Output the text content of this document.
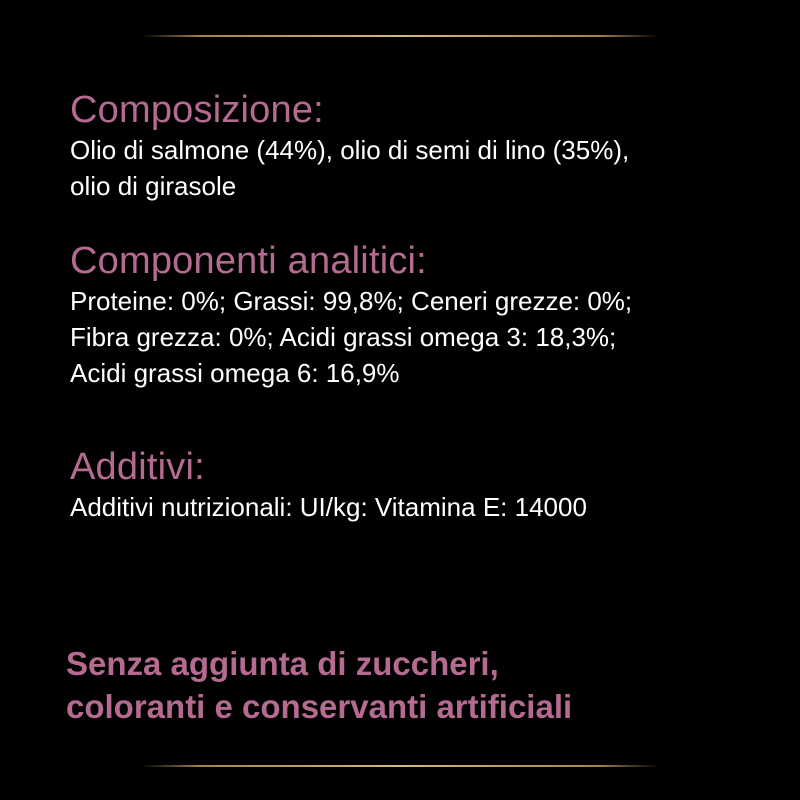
Composizione:

Olio di salmone (44%), olio di semi di lino (35%),
olio di girasole

Componenti analitici:

Proteine: 0%; Grassi: 99,8%; Ceneri grezze: 0%;
Fibra grezza: 0%; Acidi grassi omega 3: 18,3%;
Acidi grassi omega 6: 16,9%

Additivi:

Additivi nutrizionali: UI/kg: Vitamina E: 14000

Senza aggiunta di zuccheri,
coloranti e conservanti artificiali
